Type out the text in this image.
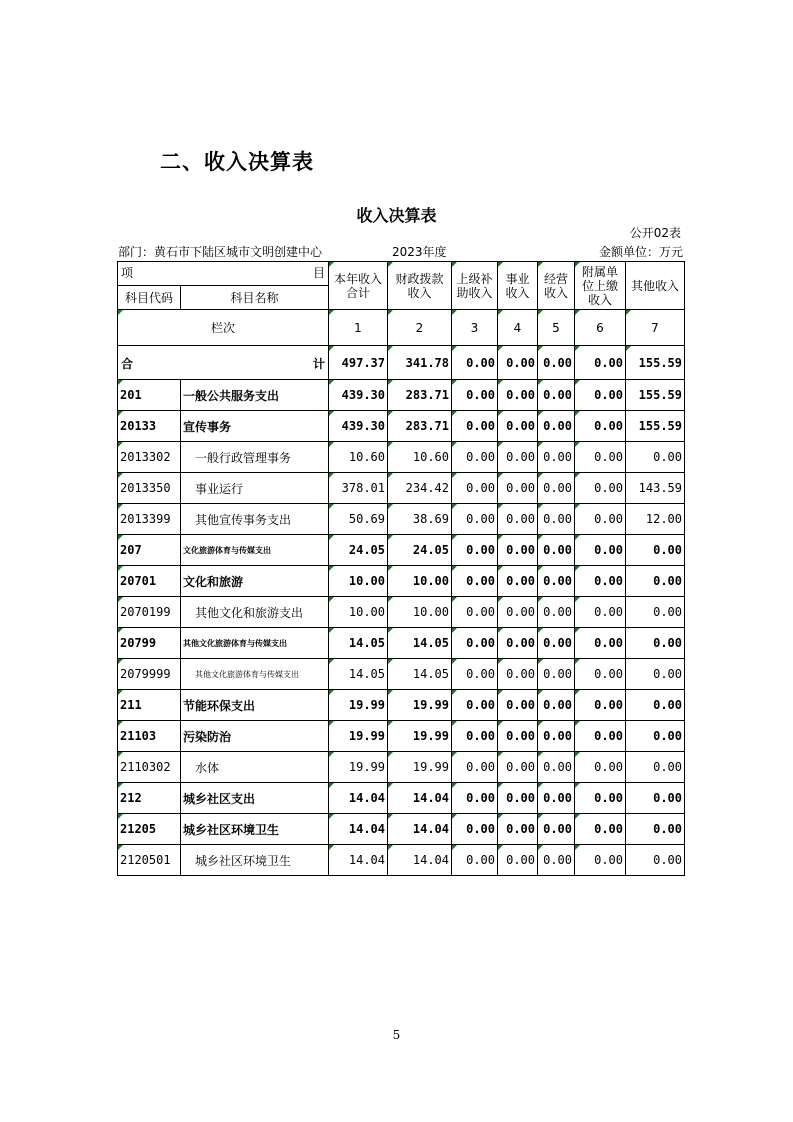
二、收入决算表
收入决算表
公开02表
部门：黄石市下陆区城市文明创建中心	2023年度	金额单位：万元
项 目		本年收入合计	财政拨款收入	上级补助收入	事业收入	经营收入	附属单位上缴收入	其他收入
科目代码	科目名称							
栏次		1	2	3	4	5	6	7

合 计		497.37	341.78	0.00	0.00	0.00	0.00	155.59
201	一般公共服务支出	439.30	283.71	0.00	0.00	0.00	0.00	155.59
20133	宣传事务	439.30	283.71	0.00	0.00	0.00	0.00	155.59
2013302	一般行政管理事务	10.60	10.60	0.00	0.00	0.00	0.00	0.00
2013350	事业运行	378.01	234.42	0.00	0.00	0.00	0.00	143.59
2013399	其他宣传事务支出	50.69	38.69	0.00	0.00	0.00	0.00	12.00
207	文化旅游体育与传媒支出	24.05	24.05	0.00	0.00	0.00	0.00	0.00
20701	文化和旅游	10.00	10.00	0.00	0.00	0.00	0.00	0.00
2070199	其他文化和旅游支出	10.00	10.00	0.00	0.00	0.00	0.00	0.00
20799	其他文化旅游体育与传媒支出	14.05	14.05	0.00	0.00	0.00	0.00	0.00
2079999	其他文化旅游体育与传媒支出	14.05	14.05	0.00	0.00	0.00	0.00	0.00
211	节能环保支出	19.99	19.99	0.00	0.00	0.00	0.00	0.00
21103	污染防治	19.99	19.99	0.00	0.00	0.00	0.00	0.00
2110302	水体	19.99	19.99	0.00	0.00	0.00	0.00	0.00
212	城乡社区支出	14.04	14.04	0.00	0.00	0.00	0.00	0.00
21205	城乡社区环境卫生	14.04	14.04	0.00	0.00	0.00	0.00	0.00
2120501	城乡社区环境卫生	14.04	14.04	0.00	0.00	0.00	0.00	0.00
5
